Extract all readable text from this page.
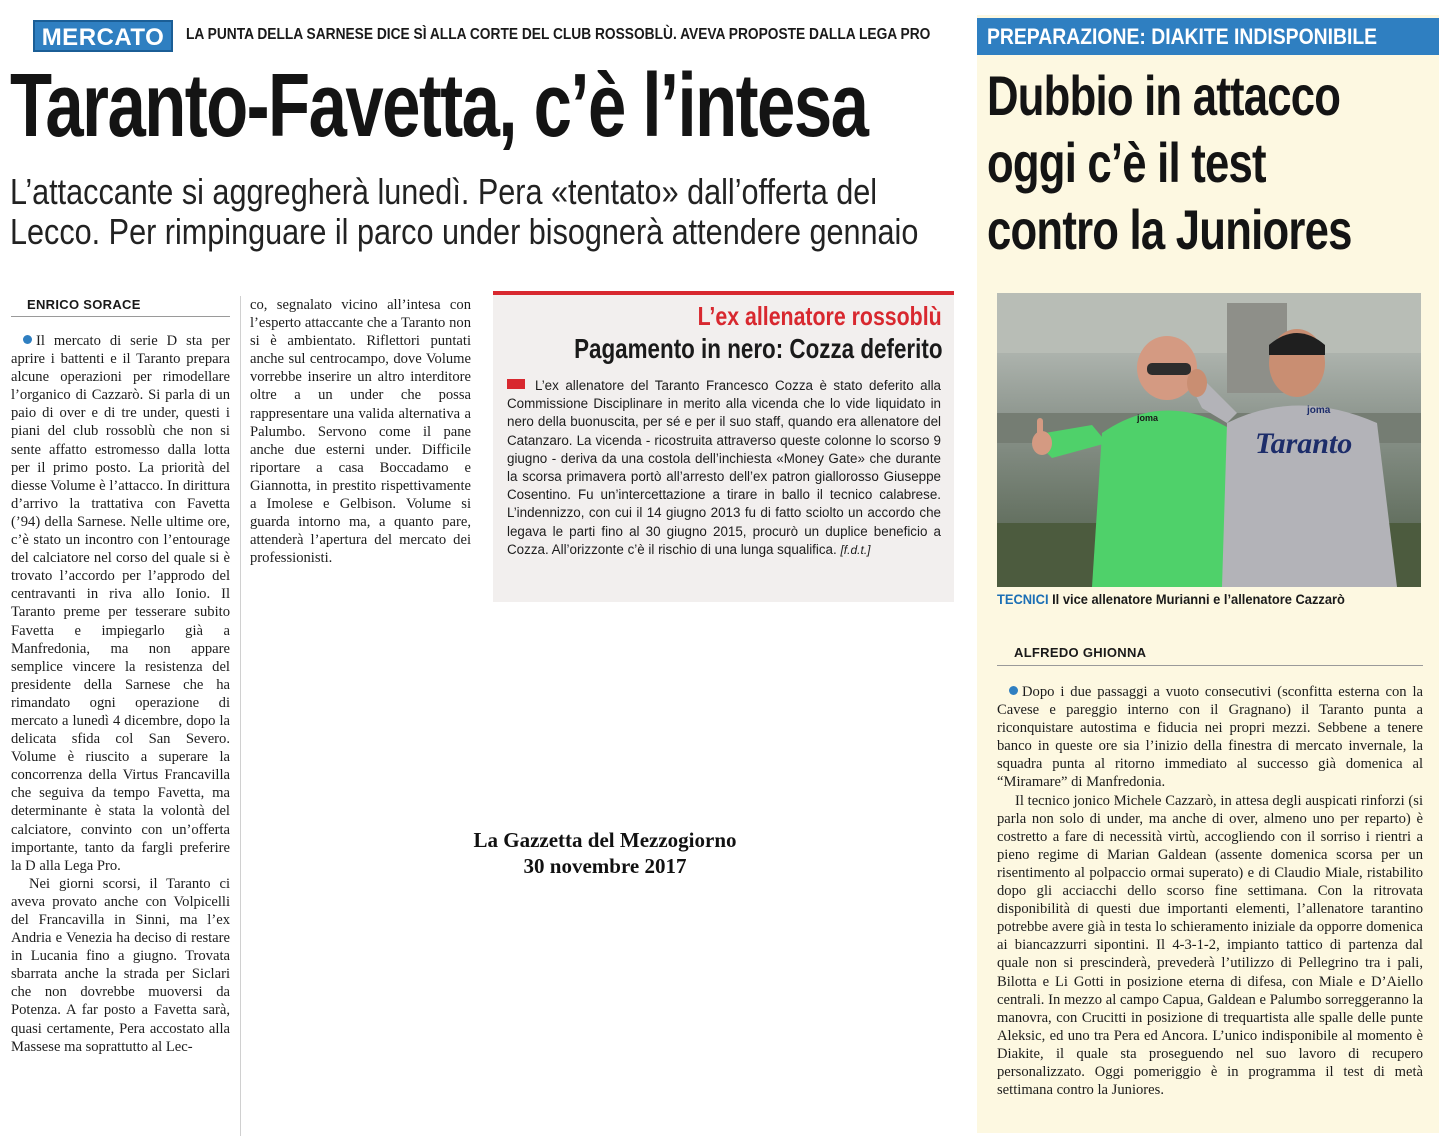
MERCATO	LA PUNTA DELLA SARNESE DICE SÌ ALLA CORTE DEL CLUB ROSSOBLÙ. AVEVA PROPOSTE DALLA LEGA PRO
Taranto-Favetta, c’è l’intesa
L’attaccante si aggregherà lunedì. Pera «tentato» dall’offerta del
Lecco. Per rimpinguare il parco under bisognerà attendere gennaio
ENRICO SORACE

Il mercato di serie D sta per aprire i battenti e il Taranto prepara alcune operazioni per rimodellare l’organico di Cazzarò. Si parla di un paio di over e di tre under, questi i piani del club rossoblù che non si sente affatto estromesso dalla lotta per il primo posto. La priorità del diesse Volume è l’attacco. In dirittura d’arrivo la trattativa con Favetta (’94) della Sarnese. Nelle ultime ore, c’è stato un incontro con l’entourage del calciatore nel corso del quale si è trovato l’accordo per l’approdo del centravanti in riva allo Ionio. Il Taranto preme per tesserare subito Favetta e impiegarlo già a Manfredonia, ma non appare semplice vincere la resistenza del presidente della Sarnese che ha rimandato ogni operazione di mercato a lunedì 4 dicembre, dopo la delicata sfida col San Severo. Volume è riuscito a superare la concorrenza della Virtus Francavilla che seguiva da tempo Favetta, ma determinante è stata la volontà del calciatore, convinto con un’offerta importante, tanto da fargli preferire la D alla Lega Pro.

Nei giorni scorsi, il Taranto ci aveva provato anche con Volpicelli del Francavilla in Sinni, ma l’ex Andria e Venezia ha deciso di restare in Lucania fino a giugno. Trovata sbarrata anche la strada per Siclari che non dovrebbe muoversi da Potenza. A far posto a Favetta sarà, quasi certamente, Pera accostato alla Massese ma soprattutto al Lec-

co, segnalato vicino all’intesa con l’esperto attaccante che a Taranto non si è ambientato. Riflettori puntati anche sul centrocampo, dove Volume vorrebbe inserire un altro interditore oltre a un under che possa rappresentare una valida alternativa a Palumbo. Servono come il pane anche due esterni under. Difficile riportare a casa Boccadamo e Giannotta, in prestito rispettivamente a Imolese e Gelbison. Volume si guarda intorno ma, a quanto pare, attenderà l’apertura del mercato dei professionisti.

L’ex allenatore rossoblù
Pagamento in nero: Cozza deferito
L’ex allenatore del Taranto Francesco Cozza è stato deferito alla Commissione Disciplinare in merito alla vicenda che lo vide liquidato in nero della buonuscita, per sé e per il suo staff, quando era allenatore del Catanzaro. La vicenda - ricostruita attraverso queste colonne lo scorso 9 giugno - deriva da una costola dell’inchiesta «Money Gate» che durante la scorsa primavera portò all’arresto dell’ex patron giallorosso Giuseppe Cosentino. Fu un’intercettazione a tirare in ballo il tecnico calabrese. L’indennizzo, con cui il 14 giugno 2013 fu di fatto sciolto un accordo che legava le parti fino al 30 giugno 2015, procurò un duplice beneficio a Cozza. All’orizzonte c’è il rischio di una lunga squalifica. [f.d.t.]
La Gazzetta del Mezzogiorno
30 novembre 2017
PREPARAZIONE: DIAKITE INDISPONIBILE
Dubbio in attacco
oggi c’è il test
contro la Juniores
Taranto
joma
joma
TECNICI Il vice allenatore Murianni e l’allenatore Cazzarò
ALFREDO GHIONNA

Dopo i due passaggi a vuoto consecutivi (sconfitta esterna con la Cavese e pareggio interno con il Gragnano) il Taranto punta a riconquistare autostima e fiducia nei propri mezzi. Sebbene a tenere banco in queste ore sia l’inizio della finestra di mercato invernale, la squadra punta al ritorno immediato al successo già domenica al “Miramare” di Manfredonia.

Il tecnico jonico Michele Cazzarò, in attesa degli auspicati rinforzi (si parla non solo di under, ma anche di over, almeno uno per reparto) è costretto a fare di necessità virtù, accogliendo con il sorriso i rientri a pieno regime di Marian Galdean (assente domenica scorsa per un risentimento al polpaccio ormai superato) e di Claudio Miale, ristabilito dopo gli acciacchi dello scorso fine settimana. Con la ritrovata disponibilità di questi due importanti elementi, l’allenatore tarantino potrebbe avere già in testa lo schieramento iniziale da opporre domenica ai biancazzurri sipontini. Il 4-3-1-2, impianto tattico di partenza dal quale non si prescinderà, prevederà l’utilizzo di Pellegrino tra i pali, Bilotta e Li Gotti in posizione eterna di difesa, con Miale e D’Aiello centrali. In mezzo al campo Capua, Galdean e Palumbo sorreggeranno la manovra, con Crucitti in posizione di trequartista alle spalle delle punte Aleksic, ed uno tra Pera ed Ancora. L’unico indisponibile al momento è Diakite, il quale sta proseguendo nel suo lavoro di recupero personalizzato. Oggi pomeriggio è in programma il test di metà settimana contro la Juniores.
